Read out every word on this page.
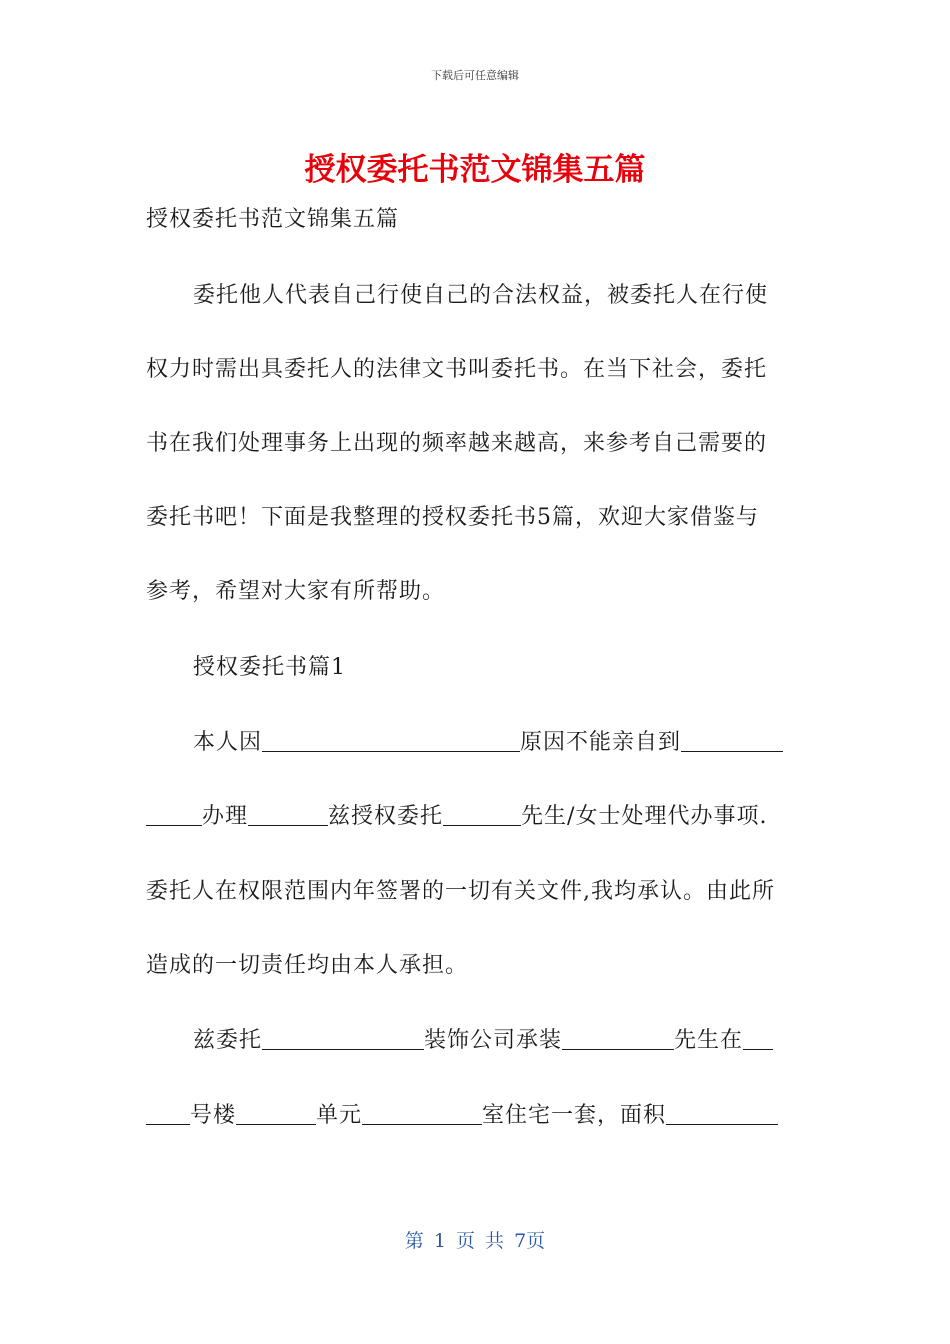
下载后可任意编辑
授权委托书范文锦集五篇
授权委托书范文锦集五篇
委托他人代表自己行使自己的合法权益，被委托人在行使
权力时需出具委托人的法律文书叫委托书。在当下社会，委托
书在我们处理事务上出现的频率越来越高，来参考自己需要的
委托书吧！下面是我整理的授权委托书5篇，欢迎大家借鉴与
参考，希望对大家有所帮助。
授权委托书篇1
本人因	原因不能亲自到
办理	兹授权委托	先生/女士处理代办事项.
委托人在权限范围内年签署的一切有关文件,我均承认。由此所
造成的一切责任均由本人承担。
兹委托	装饰公司承装	先生在
号楼	单元	室住宅一套，面积
第 1 页 共 7页
